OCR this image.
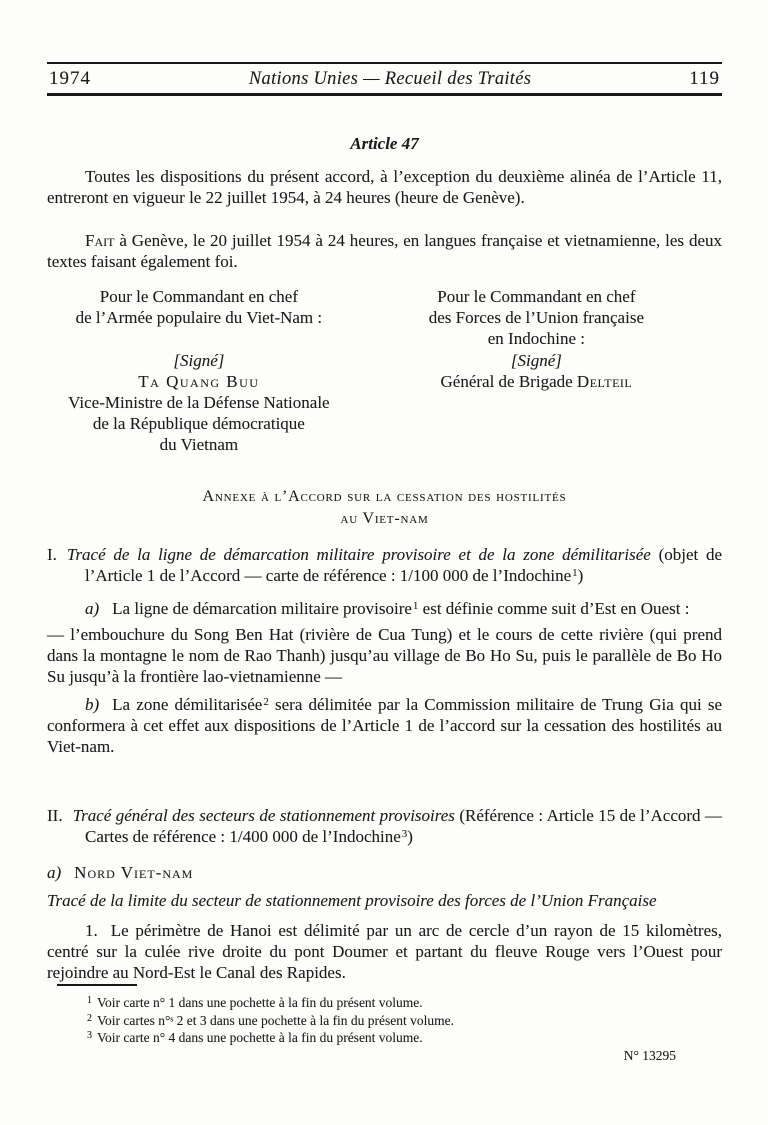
1974	Nations Unies — Recueil des Traités	119
Article 47

Toutes les dispositions du présent accord, à l’exception du deuxième alinéa de l’Article 11, entreront en vigueur le 22 juillet 1954, à 24 heures (heure de Genève).

Fait à Genève, le 20 juillet 1954 à 24 heures, en langues française et vietnamienne, les deux textes faisant également foi.

Pour le Commandant en chef
de l’Armée populaire du Viet-Nam :
[Signé]
Ta Quang Buu
Vice-Ministre de la Défense Nationale
de la République démocratique
du Vietnam
Pour le Commandant en chef
des Forces de l’Union française
en Indochine :
[Signé]
Général de Brigade Delteil
Annexe à l’Accord sur la cessation des hostilités
au Viet-nam

I. Tracé de la ligne de démarcation militaire provisoire et de la zone démilitarisée (objet de l’Article 1 de l’Accord — carte de référence : 1/100 000 de l’Indochine$^1$)

a) La ligne de démarcation militaire provisoire$^1$ est définie comme suit d’Est en Ouest :

— l’embouchure du Song Ben Hat (rivière de Cua Tung) et le cours de cette rivière (qui prend dans la montagne le nom de Rao Thanh) jusqu’au village de Bo Ho Su, puis le parallèle de Bo Ho Su jusqu’à la frontière lao-vietnamienne —

b) La zone démilitarisée$^2$ sera délimitée par la Commission militaire de Trung Gia qui se conformera à cet effet aux dispositions de l’Article 1 de l’accord sur la cessation des hostilités au Viet-nam.

II. Tracé général des secteurs de stationnement provisoires (Référence : Article 15 de l’Accord — Cartes de référence : 1/400 000 de l’Indochine$^3$)

a) Nord Viet-nam

Tracé de la limite du secteur de stationnement provisoire des forces de l’Union Française

1. Le périmètre de Hanoi est délimité par un arc de cercle d’un rayon de 15 kilomètres, centré sur la culée rive droite du pont Doumer et partant du fleuve Rouge vers l’Ouest pour rejoindre au Nord-Est le Canal des Rapides.

$^1$ Voir carte n° 1 dans une pochette à la fin du présent volume.

$^2$ Voir cartes n°ˢ 2 et 3 dans une pochette à la fin du présent volume.

$^3$ Voir carte n° 4 dans une pochette à la fin du présent volume.

N° 13295
